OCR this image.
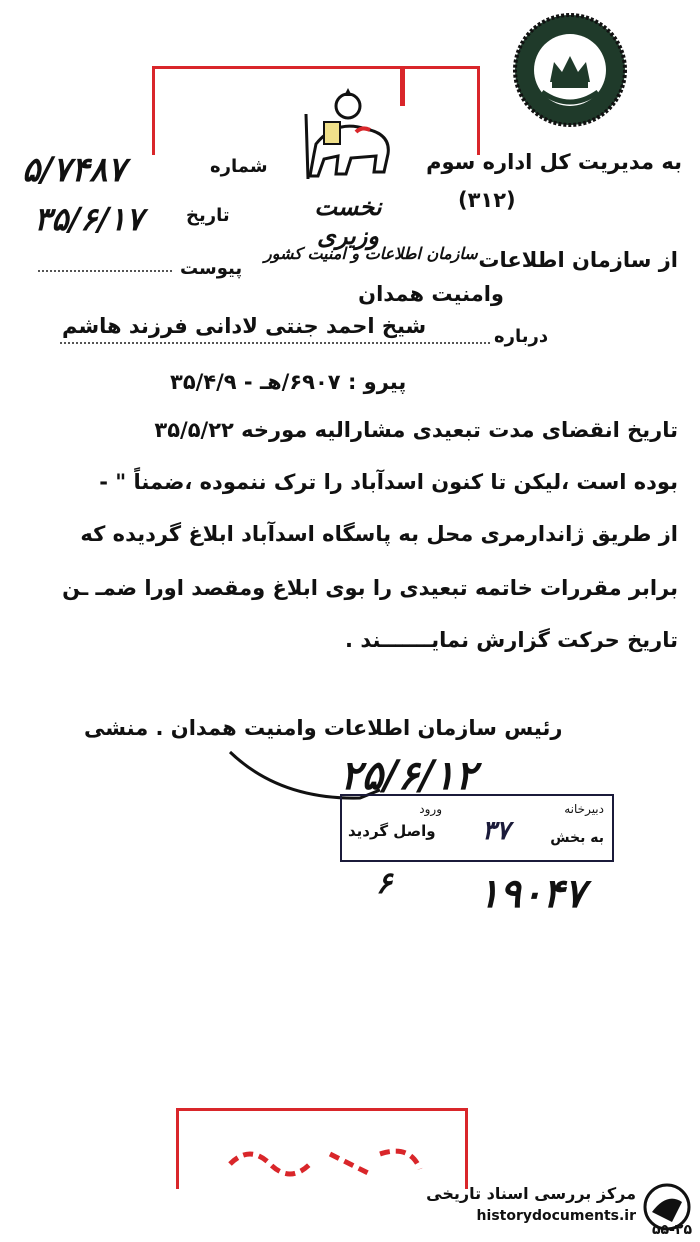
نخست وزیری
۵/۷۴۸۷	شماره
۳۵/۶/۱۷ تاریخ
پیوست
به مدیریت کل اداره سوم
(۳۱۲)
از سازمان اطلاعات
سازمان اطلاعات و امنیت کشور
وامنیت همدان
درباره
شیخ احمد جنتی لادانی فرزند هاشم
پیرو : ۶۹۰۷/هـ - ۳۵/۴/۹
تاریخ انقضای مدت تبعیدی مشارالیه مورخه ۳۵/۵/۲۲
بوده است ،لیکن تا کنون اسدآباد را ترک ننموده ،ضمناً " -
از طریق ژاندارمری محل به پاسگاه اسدآباد ابلاغ گردیده که
برابر مقررات خاتمه تبعیدی را بوی ابلاغ ومقصد اورا ضمـ ـن
تاریخ حرکت گزارش نمایـــــــند .
رئیس سازمان اطلاعات وامنیت همدان . منشی
۲۵/۶/۱۲
دبیرخانه
ورود
به بخش
واصل گردید ۳۷
۶ ۱۹۰۴۷
مرکز بررسی اسناد تاریخی
historydocuments.ir
۵۵-۲۵
